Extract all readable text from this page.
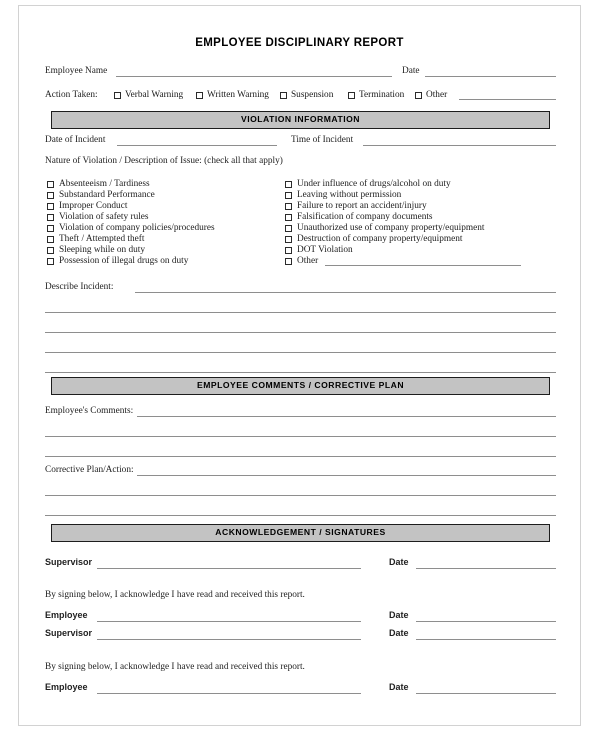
EMPLOYEE DISCIPLINARY REPORT
Employee Name	Date
Action Taken:	Verbal Warning	Written Warning Suspension	Termination Other
VIOLATION INFORMATION
Date of Incident	Time of Incident
Nature of Violation / Description of Issue: (check all that apply)
Absenteeism / Tardiness
Substandard Performance
Improper Conduct
Violation of safety rules
Violation of company policies/procedures
Theft / Attempted theft
Sleeping while on duty
Possession of illegal drugs on duty
Under influence of drugs/alcohol on duty
Leaving without permission
Failure to report an accident/injury
Falsification of company documents
Unauthorized use of company property/equipment
Destruction of company property/equipment
DOT Violation
Other
Describe Incident:
EMPLOYEE COMMENTS / CORRECTIVE PLAN
Employee's Comments:
Corrective Plan/Action:
ACKNOWLEDGEMENT / SIGNATURES
Supervisor	Date
By signing below, I acknowledge I have read and received this report.
Employee	Date
Supervisor	Date
By signing below, I acknowledge I have read and received this report.
Employee	Date
